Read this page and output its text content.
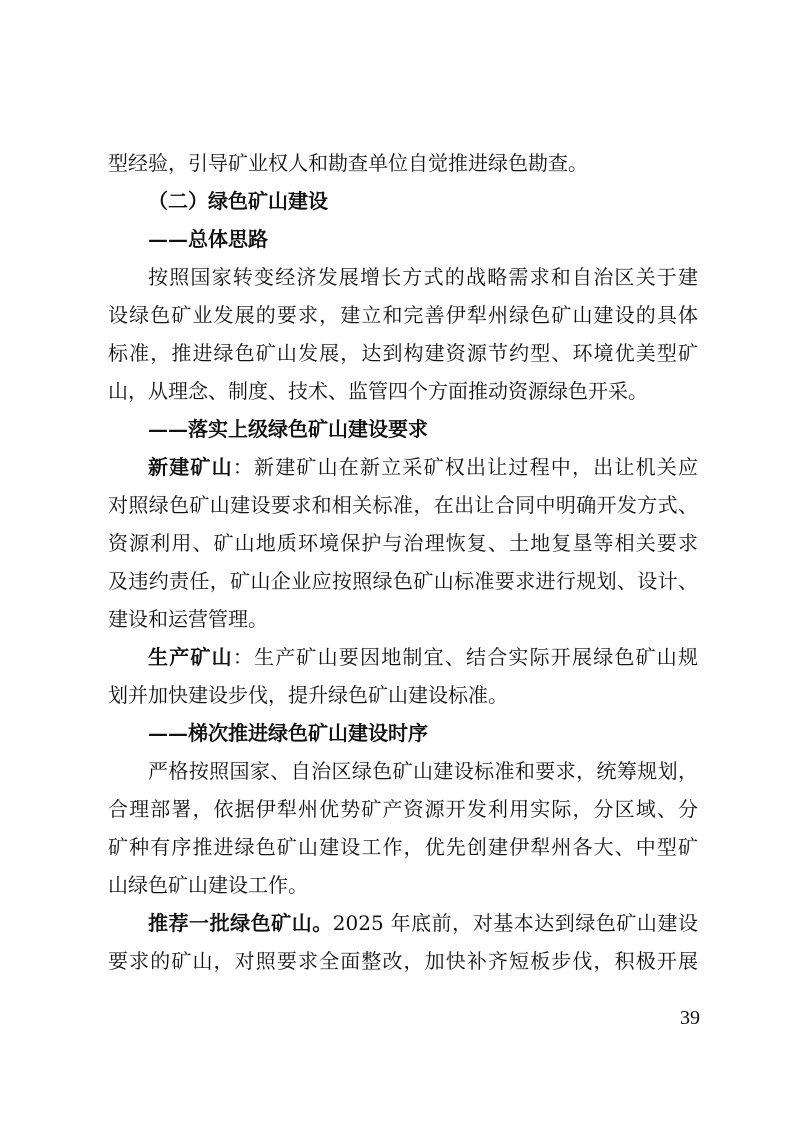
型经验，引导矿业权人和勘查单位自觉推进绿色勘查。
（二）绿色矿山建设
——总体思路
按照国家转变经济发展增长方式的战略需求和自治区关于建
设绿色矿业发展的要求，建立和完善伊犁州绿色矿山建设的具体
标准，推进绿色矿山发展，达到构建资源节约型、环境优美型矿
山，从理念、制度、技术、监管四个方面推动资源绿色开采。
——落实上级绿色矿山建设要求
新建矿山：新建矿山在新立采矿权出让过程中，出让机关应
对照绿色矿山建设要求和相关标准，在出让合同中明确开发方式、
资源利用、矿山地质环境保护与治理恢复、土地复垦等相关要求
及违约责任，矿山企业应按照绿色矿山标准要求进行规划、设计、
建设和运营管理。
生产矿山：生产矿山要因地制宜、结合实际开展绿色矿山规
划并加快建设步伐，提升绿色矿山建设标准。
——梯次推进绿色矿山建设时序
严格按照国家、自治区绿色矿山建设标准和要求，统筹规划，
合理部署，依据伊犁州优势矿产资源开发利用实际，分区域、分
矿种有序推进绿色矿山建设工作，优先创建伊犁州各大、中型矿
山绿色矿山建设工作。
推荐一批绿色矿山。2025 年底前，对基本达到绿色矿山建设
要求的矿山，对照要求全面整改，加快补齐短板步伐，积极开展
39
